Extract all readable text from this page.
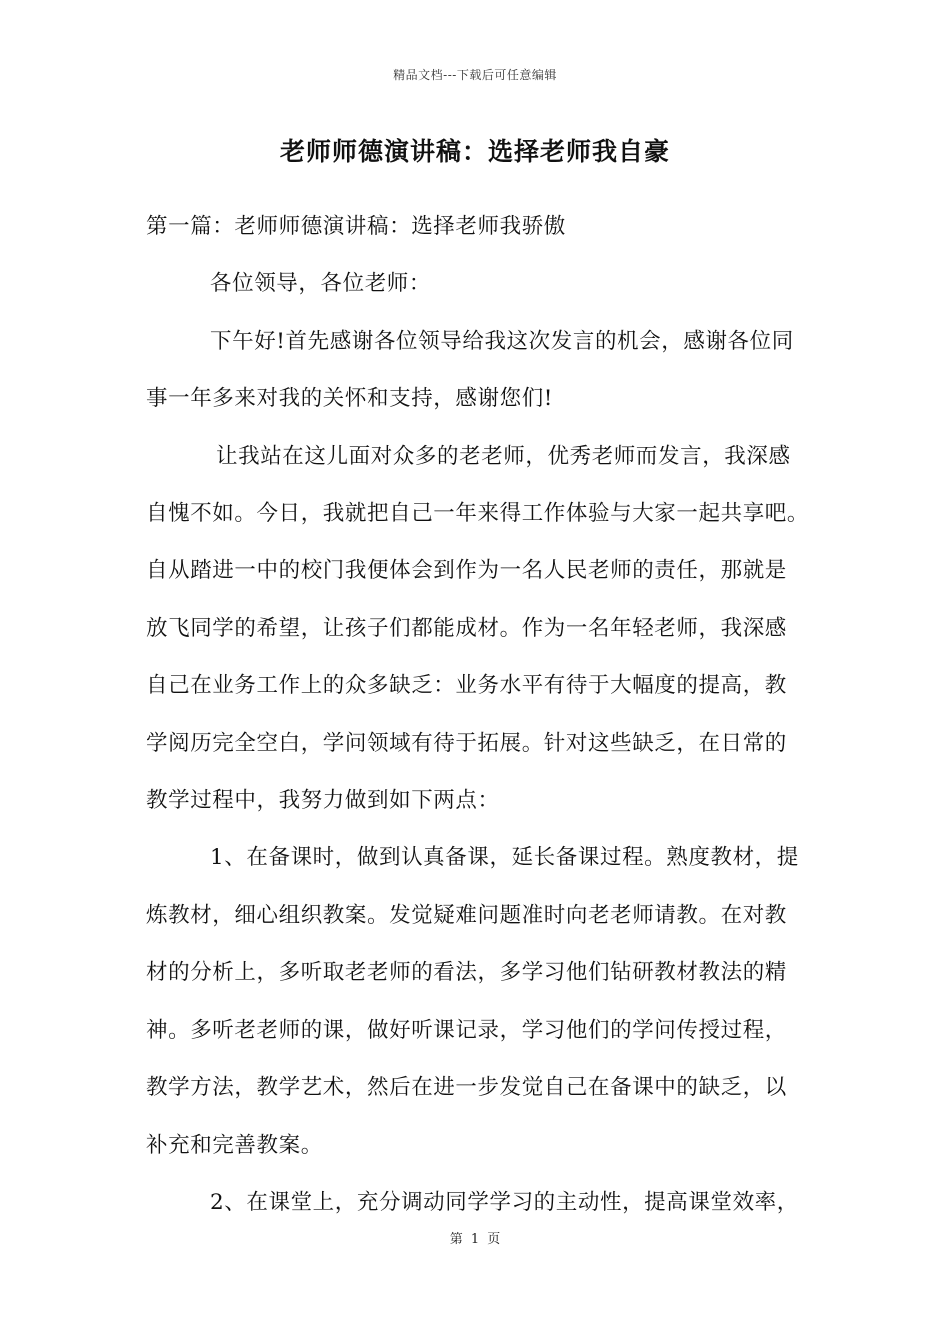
精品文档---下载后可任意编辑
老师师德演讲稿：选择老师我自豪
第一篇：老师师德演讲稿：选择老师我骄傲
各位领导，各位老师：
下午好!首先感谢各位领导给我这次发言的机会，感谢各位同
事一年多来对我的关怀和支持，感谢您们!
让我站在这儿面对众多的老老师，优秀老师而发言，我深感
自愧不如。今日，我就把自己一年来得工作体验与大家一起共享吧。
自从踏进一中的校门我便体会到作为一名人民老师的责任，那就是
放飞同学的希望，让孩子们都能成材。作为一名年轻老师，我深感
自己在业务工作上的众多缺乏：业务水平有待于大幅度的提高，教
学阅历完全空白，学问领域有待于拓展。针对这些缺乏，在日常的
教学过程中，我努力做到如下两点：
1、在备课时，做到认真备课，延长备课过程。熟度教材，提
炼教材，细心组织教案。发觉疑难问题准时向老老师请教。在对教
材的分析上，多听取老老师的看法，多学习他们钻研教材教法的精
神。多听老老师的课，做好听课记录，学习他们的学问传授过程，
教学方法，教学艺术，然后在进一步发觉自己在备课中的缺乏，以
补充和完善教案。
2、在课堂上，充分调动同学学习的主动性，提高课堂效率，
第 1 页
